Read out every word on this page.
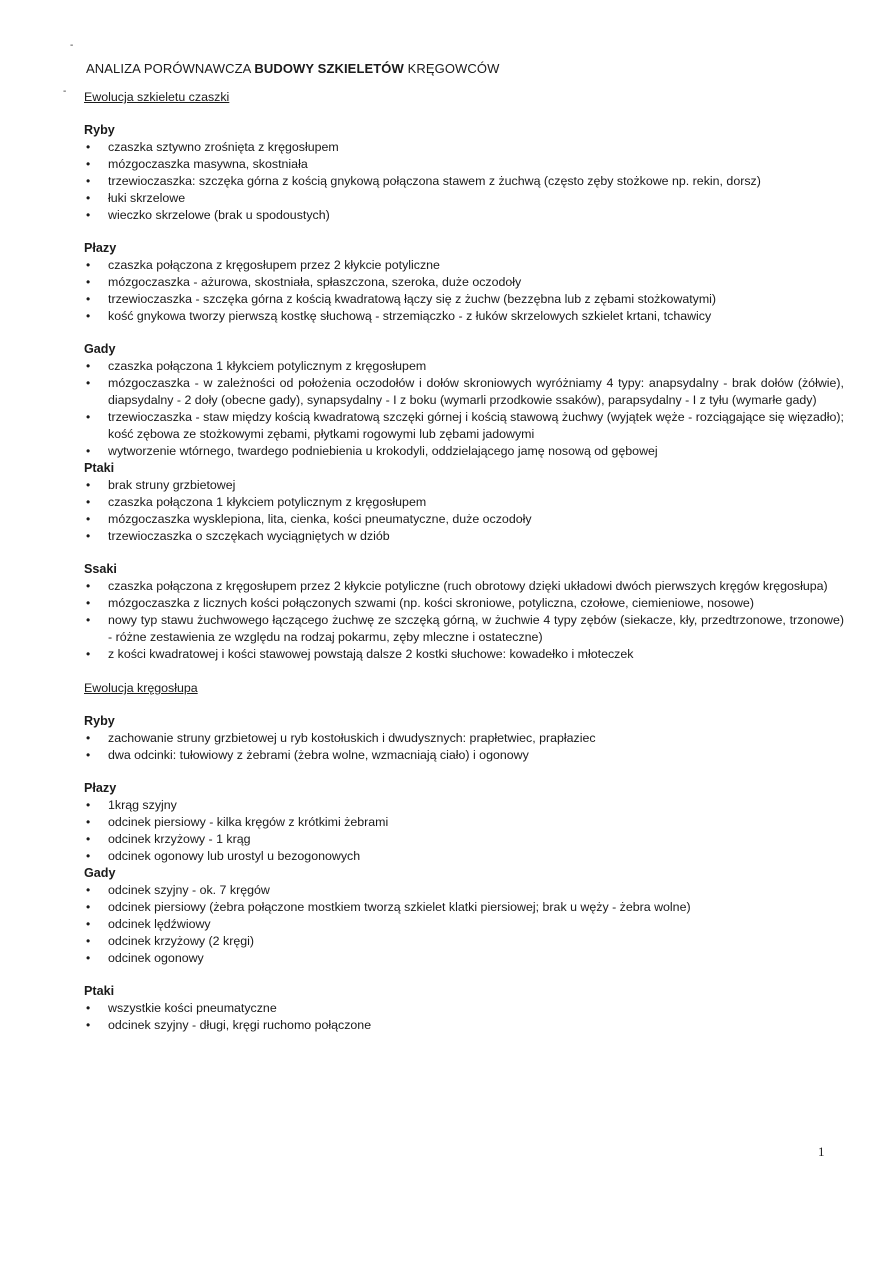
-
-
ANALIZA PORÓWNAWCZA BUDOWY SZKIELETÓW KRĘGOWCÓW
Ewolucja szkieletu czaszki
Ryby
• czaszka sztywno zrośnięta z kręgosłupem
• mózgoczaszka masywna, skostniała
• trzewioczaszka: szczęka górna z kością gnykową połączona stawem z żuchwą (często zęby stożkowe np. rekin, dorsz)
• łuki skrzelowe
• wieczko skrzelowe (brak u spodoustych)
Płazy
• czaszka połączona z kręgosłupem przez 2 kłykcie potyliczne
• mózgoczaszka - ażurowa, skostniała, spłaszczona, szeroka, duże oczodoły
• trzewioczaszka - szczęka górna z kością kwadratową łączy się z żuchw (bezzębna lub z zębami stożkowatymi)
• kość gnykowa tworzy pierwszą kostkę słuchową - strzemiączko - z łuków skrzelowych szkielet krtani, tchawicy
Gady
• czaszka połączona 1 kłykciem potylicznym z kręgosłupem
• mózgoczaszka - w zależności od położenia oczodołów i dołów skroniowych wyróżniamy 4 typy: anapsydalny - brak dołów (żółwie), diapsydalny - 2 doły (obecne gady), synapsydalny - I z boku (wymarli przodkowie ssaków), parapsydalny - I z tyłu (wymarłe gady)
• trzewioczaszka - staw między kością kwadratową szczęki górnej i kością stawową żuchwy (wyjątek węże - rozciągające się więzadło); kość zębowa ze stożkowymi zębami, płytkami rogowymi lub zębami jadowymi
• wytworzenie wtórnego, twardego podniebienia u krokodyli, oddzielającego jamę nosową od gębowej
Ptaki
• brak struny grzbietowej
• czaszka połączona 1 kłykciem potylicznym z kręgosłupem
• mózgoczaszka wysklepiona, lita, cienka, kości pneumatyczne, duże oczodoły
• trzewioczaszka o szczękach wyciągniętych w dziób
Ssaki
• czaszka połączona z kręgosłupem przez 2 kłykcie potyliczne (ruch obrotowy dzięki układowi dwóch pierwszych kręgów kręgosłupa)
• mózgoczaszka z licznych kości połączonych szwami (np. kości skroniowe, potyliczna, czołowe, ciemieniowe, nosowe)
• nowy typ stawu żuchwowego łączącego żuchwę ze szczęką górną, w żuchwie 4 typy zębów (siekacze, kły, przedtrzonowe, trzonowe) - różne zestawienia ze względu na rodzaj pokarmu, zęby mleczne i ostateczne)
• z kości kwadratowej i kości stawowej powstają dalsze 2 kostki słuchowe: kowadełko i młoteczek
Ewolucja kręgosłupa
Ryby
• zachowanie struny grzbietowej u ryb kostołuskich i dwudysznych: prapłetwiec, prapłaziec
• dwa odcinki: tułowiowy z żebrami (żebra wolne, wzmacniają ciało) i ogonowy
Płazy
• 1krąg szyjny
• odcinek piersiowy - kilka kręgów z krótkimi żebrami
• odcinek krzyżowy - 1 krąg
• odcinek ogonowy lub urostyl u bezogonowych
Gady
• odcinek szyjny - ok. 7 kręgów
• odcinek piersiowy (żebra połączone mostkiem tworzą szkielet klatki piersiowej; brak u węży - żebra wolne)
• odcinek lędźwiowy
• odcinek krzyżowy (2 kręgi)
• odcinek ogonowy
Ptaki
• wszystkie kości pneumatyczne
• odcinek szyjny - długi, kręgi ruchomo połączone
1
